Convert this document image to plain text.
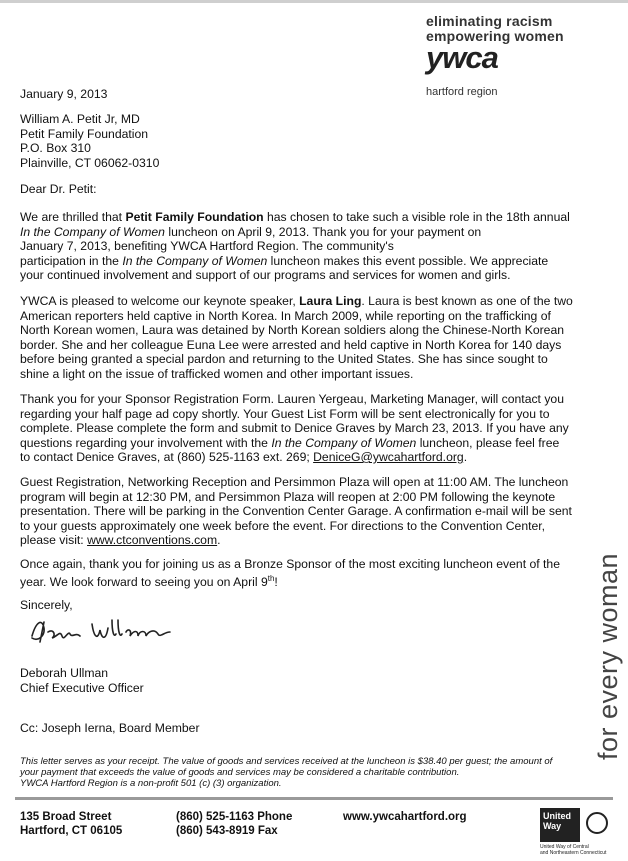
eliminating racism
empowering women
ywca
hartford region
for every woman
January 9, 2013
William A. Petit Jr, MD
Petit Family Foundation
P.O. Box 310
Plainville, CT 06062-0310
Dear Dr. Petit:

We are thrilled that Petit Family Foundation has chosen to take such a visible role in the 18th annual

In the Company of Women luncheon on April 9, 2013. Thank you for your payment on

January 7, 2013, benefiting YWCA Hartford Region. The community's

participation in the In the Company of Women luncheon makes this event possible. We appreciate

your continued involvement and support of our programs and services for women and girls.

YWCA is pleased to welcome our keynote speaker, Laura Ling. Laura is best known as one of the two

American reporters held captive in North Korea. In March 2009, while reporting on the trafficking of

North Korean women, Laura was detained by North Korean soldiers along the Chinese-North Korean

border. She and her colleague Euna Lee were arrested and held captive in North Korea for 140 days

before being granted a special pardon and returning to the United States. She has since sought to

shine a light on the issue of trafficked women and other important issues.

Thank you for your Sponsor Registration Form. Lauren Yergeau, Marketing Manager, will contact you

regarding your half page ad copy shortly. Your Guest List Form will be sent electronically for you to

complete. Please complete the form and submit to Denice Graves by March 23, 2013. If you have any

questions regarding your involvement with the In the Company of Women luncheon, please feel free

to contact Denice Graves, at (860) 525-1163 ext. 269; DeniceG@ywcahartford.org.

Guest Registration, Networking Reception and Persimmon Plaza will open at 11:00 AM. The luncheon

program will begin at 12:30 PM, and Persimmon Plaza will reopen at 2:00 PM following the keynote

presentation. There will be parking in the Convention Center Garage. A confirmation e-mail will be sent

to your guests approximately one week before the event. For directions to the Convention Center,

please visit: www.ctconventions.com.

Once again, thank you for joining us as a Bronze Sponsor of the most exciting luncheon event of the

year. We look forward to seeing you on April 9th!

Sincerely,
Deborah Ullman
Chief Executive Officer
Cc: Joseph Ierna, Board Member
This letter serves as your receipt. The value of goods and services received at the luncheon is $38.40 per guest; the amount of
your payment that exceeds the value of goods and services may be considered a charitable contribution.
YWCA Hartford Region is a non-profit 501 (c) (3) organization.
135 Broad Street
Hartford, CT 06105
(860) 525-1163 Phone
(860) 543-8919 Fax
www.ywcahartford.org	United
Way
United Way of Central
and Northeastern Connecticut
